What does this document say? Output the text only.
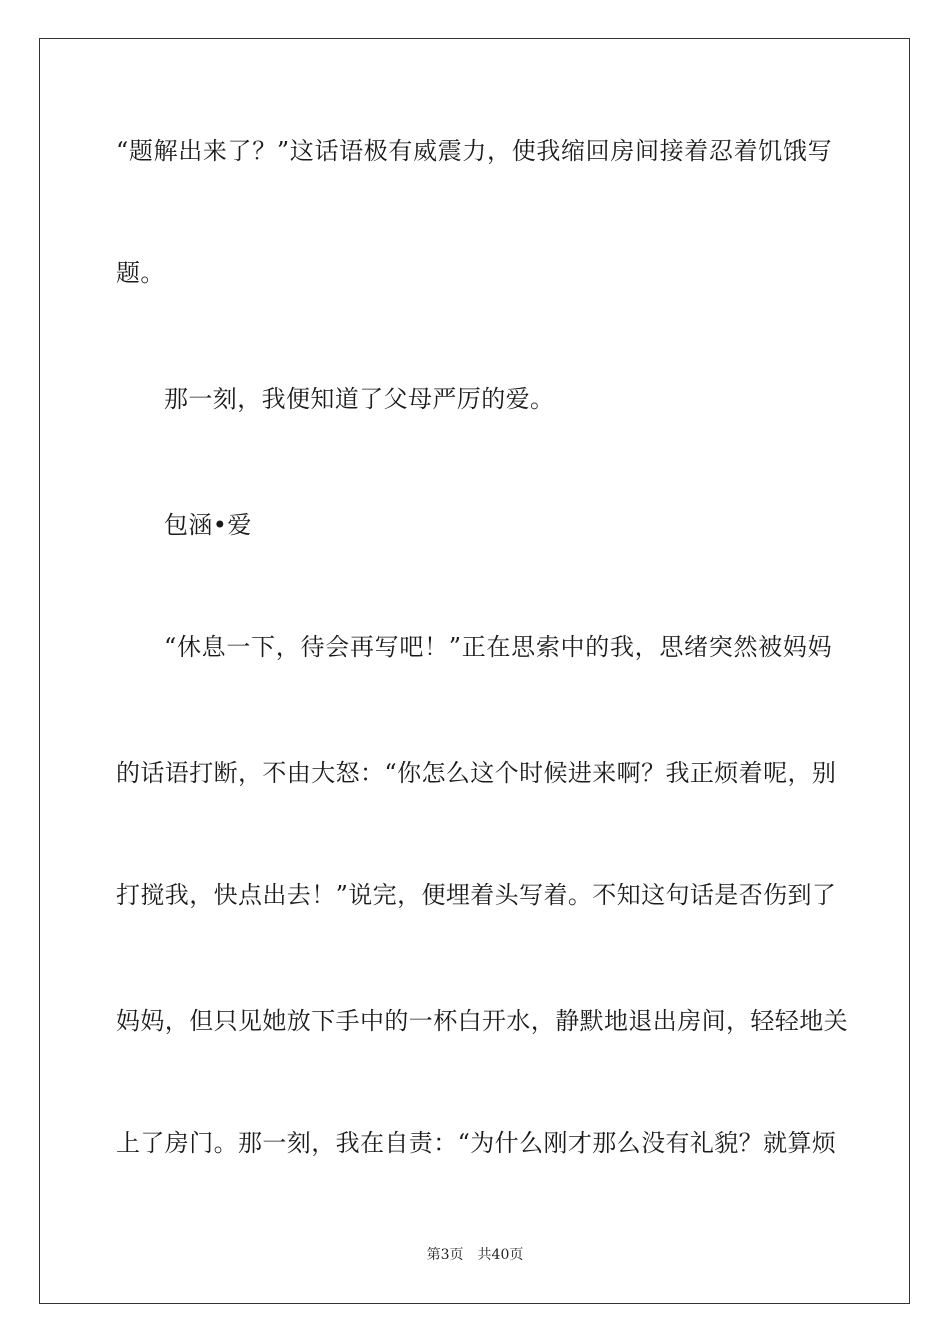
“题解出来了？”这话语极有威震力，使我缩回房间接着忍着饥饿写
题。
那一刻，我便知道了父母严厉的爱。
包涵•爱
“休息一下，待会再写吧！”正在思索中的我，思绪突然被妈妈
的话语打断，不由大怒：“你怎么这个时候进来啊？我正烦着呢，别
打搅我，快点出去！”说完，便埋着头写着。不知这句话是否伤到了
妈妈，但只见她放下手中的一杯白开水，静默地退出房间，轻轻地关
上了房门。那一刻，我在自责：“为什么刚才那么没有礼貌？就算烦
第3页 共40页
